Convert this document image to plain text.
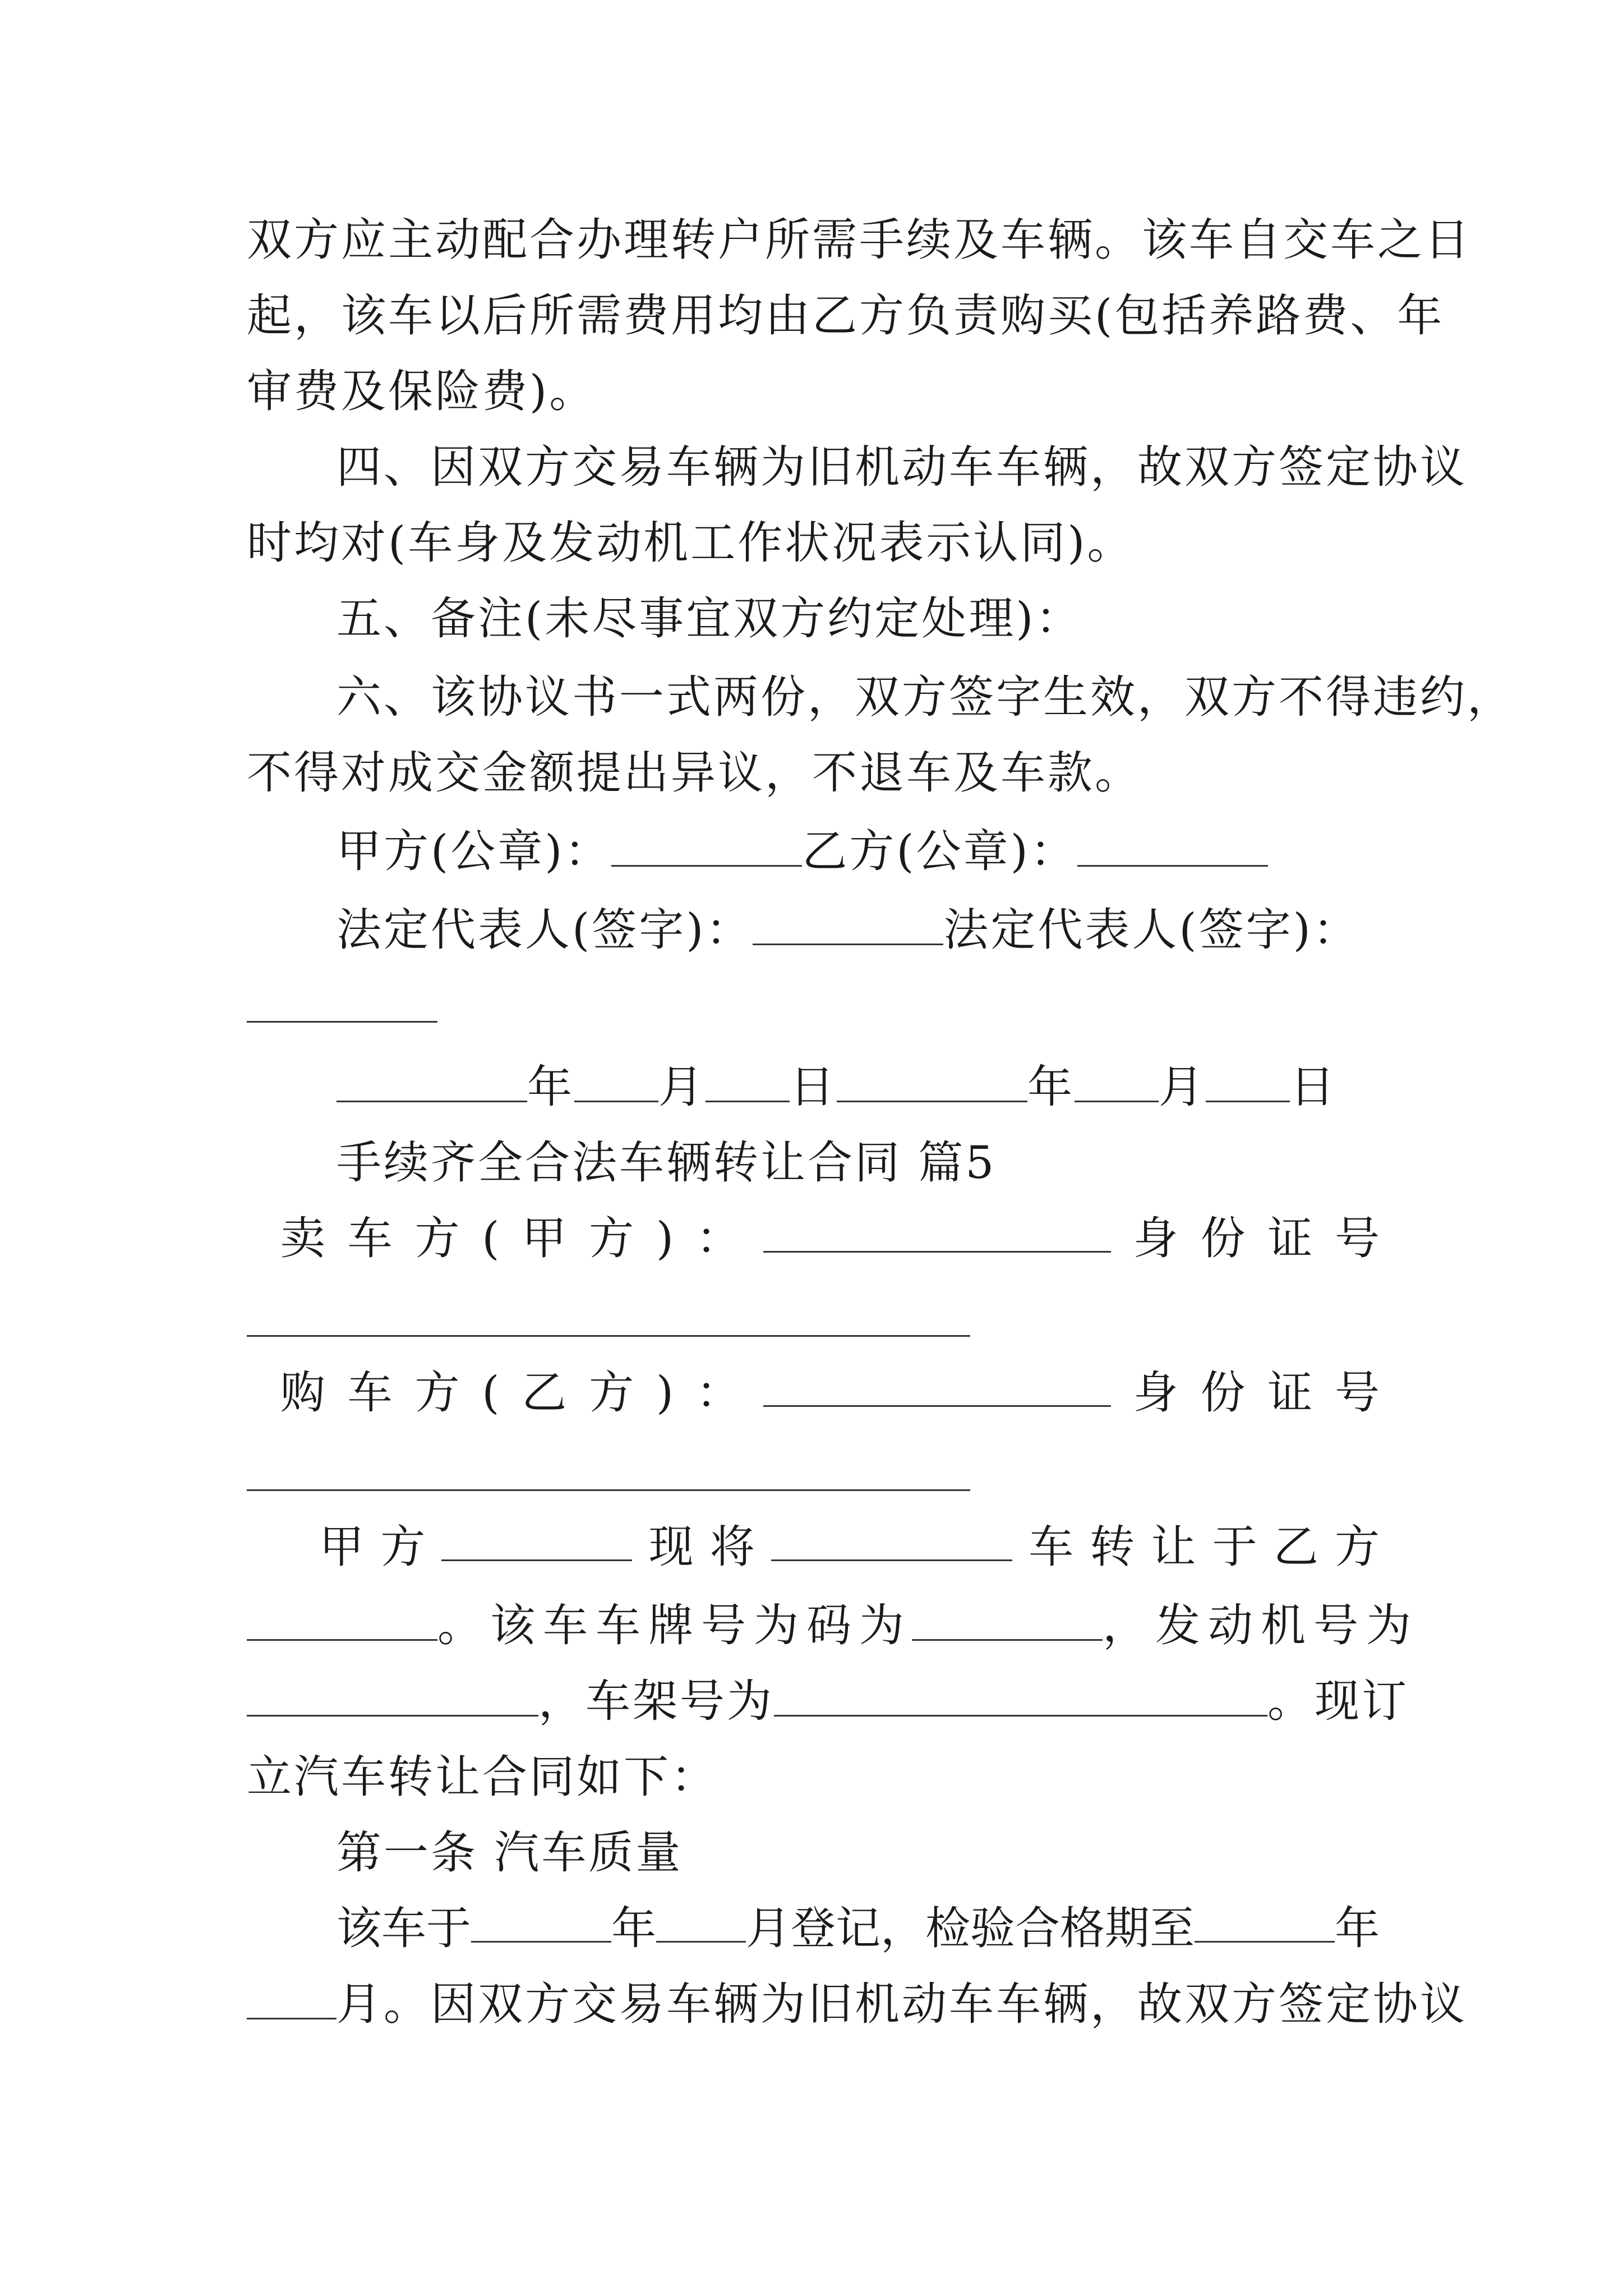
双方应主动配合办理转户所需手续及车辆。该车自交车之日
起，该车以后所需费用均由乙方负责购买(包括养路费、年
审费及保险费)。
四、因双方交易车辆为旧机动车车辆，故双方签定协议
时均对(车身及发动机工作状况表示认同)。
五、备注(未尽事宜双方约定处理)：
六、该协议书一式两份，双方签字生效，双方不得违约，
不得对成交金额提出异议，不退车及车款。
甲方(公章)：	乙方(公章)：
法定代表人(签字)：	法定代表人(签字)：
年 月 日	年 月 日
手续齐全合法车辆转让合同 篇5
卖 车 方 ( 甲 方 ) ：	身 份 证 号
购 车 方 ( 乙 方 ) ：	身 份 证 号
甲 方	现 将	车 转 让 于 乙 方
。该车车牌号为码为	，发动机号为
，车架号为	。现订
立汽车转让合同如下：
第一条 汽车质量
该车于	年 月登记，检验合格期至	年
月。因双方交易车辆为旧机动车车辆，故双方签定协议
